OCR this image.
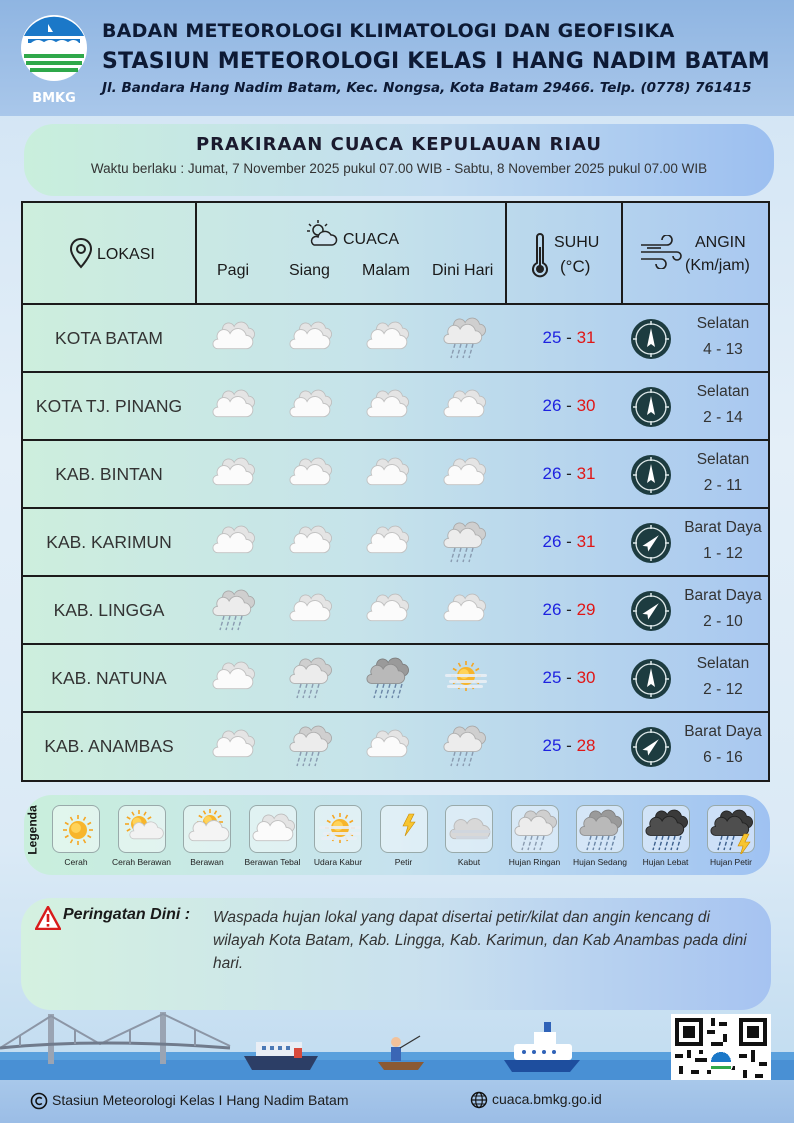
BMKG
BADAN METEOROLOGI KLIMATOLOGI DAN GEOFISIKA
STASIUN METEOROLOGI KELAS I HANG NADIM BATAM
Jl. Bandara Hang Nadim Batam, Kec. Nongsa, Kota Batam 29466. Telp. (0778) 761415
PRAKIRAAN CUACA KEPULAUAN RIAU
Waktu berlaku : Jumat, 7 November 2025 pukul 07.00 WIB - Sabtu, 8 November 2025 pukul 07.00 WIB
LOKASI
CUACA
Pagi Siang Malam Dini Hari
SUHU
(°C)
ANGIN
(Km/jam)
KOTA BATAM	25 - 31
Selatan
4 - 13
KOTA TJ. PINANG	26 - 30
Selatan
2 - 14
KAB. BINTAN	26 - 31
Selatan
2 - 11
KAB. KARIMUN	26 - 31
Barat Daya
1 - 12
KAB. LINGGA	26 - 29
Barat Daya
2 - 10
KAB. NATUNA	25 - 30
Selatan
2 - 12
KAB. ANAMBAS	25 - 28
Barat Daya
6 - 16
Legenda
Cerah	Cerah Berawan	Berawan	Berawan Tebal	Udara Kabur	Petir	Kabut	Hujan Ringan	Hujan Sedang	Hujan Lebat	Hujan Petir
Peringatan Dini : Waspada hujan lokal yang dapat disertai petir/kilat dan angin kencang di wilayah Kota Batam, Kab. Lingga, Kab. Karimun, dan Kab Anambas pada dini hari.
Stasiun Meteorologi Kelas I Hang Nadim Batam	cuaca.bmkg.go.id
